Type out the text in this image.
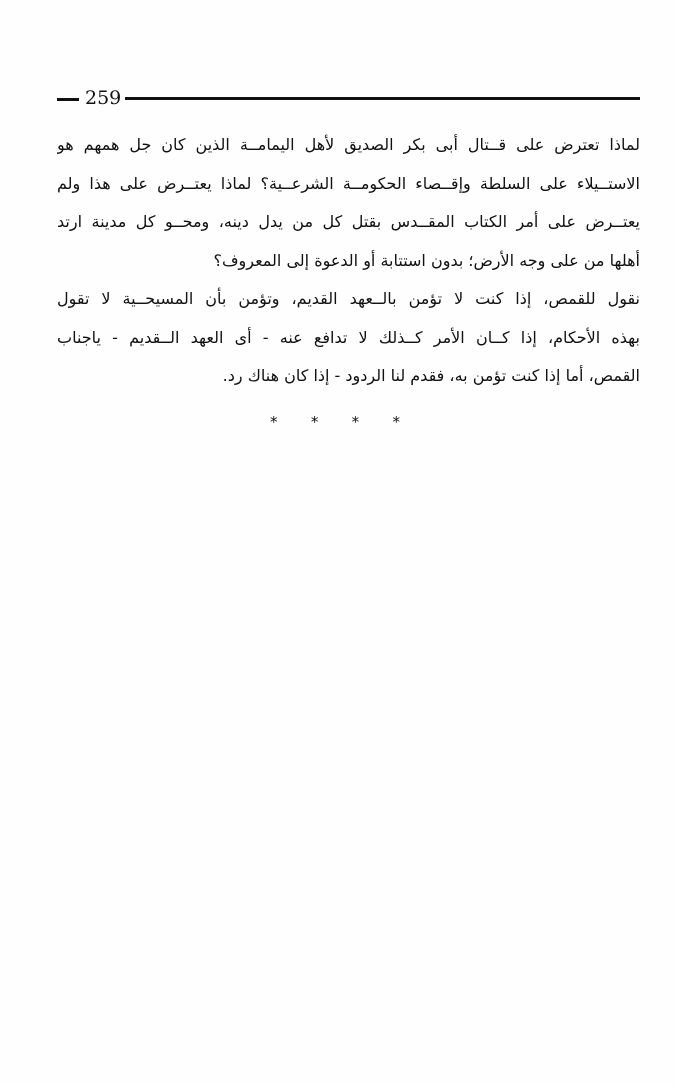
259
لماذا تعترض على قــتال أبى بكر الصديق لأهل اليمامــة الذين كان جل همهم هو
الاستــيلاء على السلطة وإقــصاء الحكومــة الشرعــية؟ لماذا يعتــرض على هذا ولم
يعتــرض على أمر الكتاب المقــدس بقتل كل من يدل دينه، ومحــو كل مدينة ارتد
أهلها من على وجه الأرض؛ بدون استتابة أو الدعوة إلى المعروف؟
نقول للقمص، إذا كنت لا تؤمن بالــعهد القديم، وتؤمن بأن المسيحــية لا تقول
بهذه الأحكام، إذا كــان الأمر كــذلك لا تدافع عنه - أى العهد الــقديم - ياجناب
القمص، أما إذا كنت تؤمن به، فقدم لنا الردود - إذا كان هناك رد.
* * * *
